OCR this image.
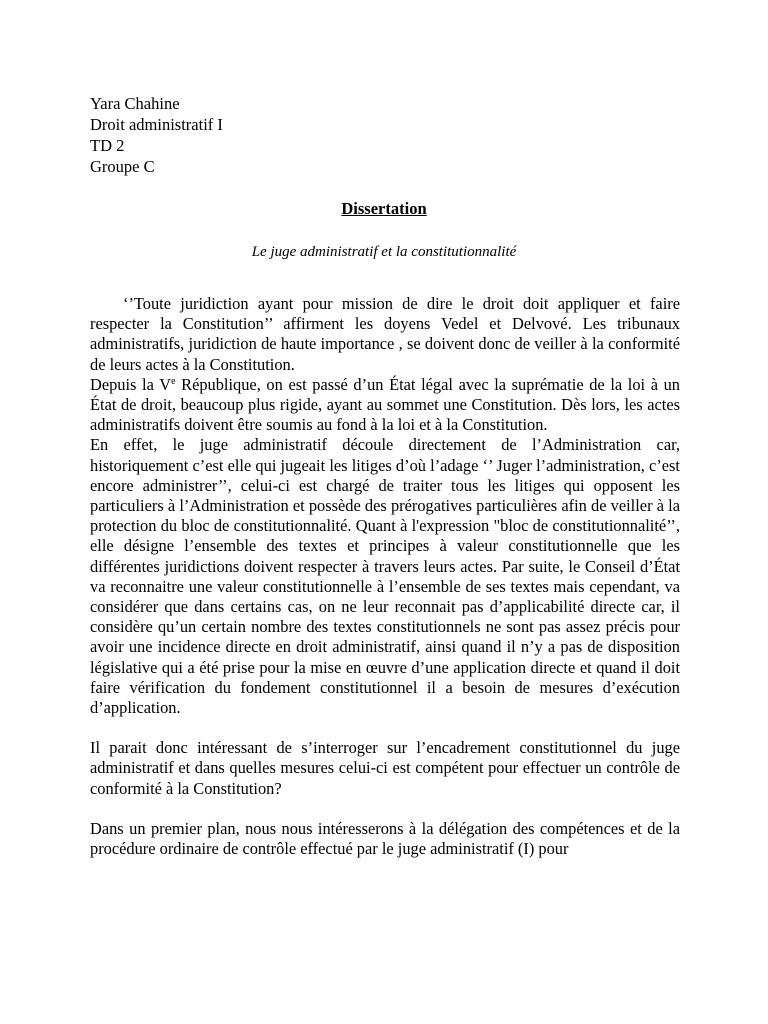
Yara Chahine
Droit administratif I
TD 2
Groupe C
Dissertation
Le juge administratif et la constitutionnalité

‘’Toute juridiction ayant pour mission de dire le droit doit appliquer et faire respecter la Constitution’’ affirment les doyens Vedel et Delvové. Les tribunaux administratifs, juridiction de haute importance , se doivent donc de veiller à la conformité de leurs actes à la Constitution.

Depuis la Ve République, on est passé d’un État légal avec la suprématie de la loi à un État de droit, beaucoup plus rigide, ayant au sommet une Constitution. Dès lors, les actes administratifs doivent être soumis au fond à la loi et à la Constitution.

En effet, le juge administratif découle directement de l’Administration car, historiquement c’est elle qui jugeait les litiges d’où l’adage ‘’ Juger l’administration, c’est encore administrer’’, celui-ci est chargé de traiter tous les litiges qui opposent les particuliers à l’Administration et possède des prérogatives particulières afin de veiller à la protection du bloc de constitutionnalité. Quant à l'expression "bloc de constitutionnalité’’, elle désigne l’ensemble des textes et principes à valeur constitutionnelle que les différentes juridictions doivent respecter à travers leurs actes. Par suite, le Conseil d’État va reconnaitre une valeur constitutionnelle à l’ensemble de ses textes mais cependant, va considérer que dans certains cas, on ne leur reconnait pas d’applicabilité directe car, il considère qu’un certain nombre des textes constitutionnels ne sont pas assez précis pour avoir une incidence directe en droit administratif, ainsi quand il n’y a pas de disposition législative qui a été prise pour la mise en œuvre d’une application directe et quand il doit faire vérification du fondement constitutionnel il a besoin de mesures d’exécution d’application.

Il parait donc intéressant de s’interroger sur l’encadrement constitutionnel du juge administratif et dans quelles mesures celui-ci est compétent pour effectuer un contrôle de conformité à la Constitution?

Dans un premier plan, nous nous intéresserons à la délégation des compétences et de la procédure ordinaire de contrôle effectué par le juge administratif (I) pour
